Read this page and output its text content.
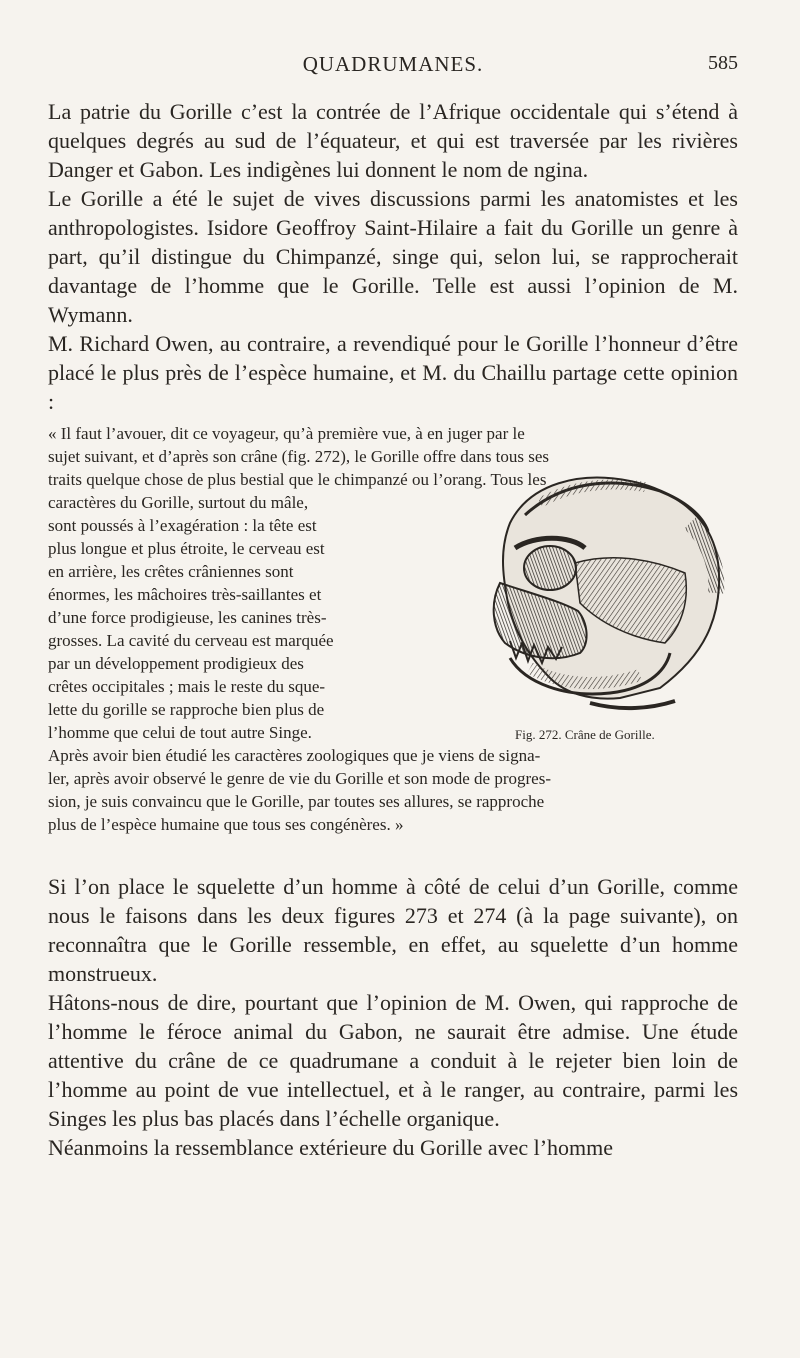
QUADRUMANES.	585

La patrie du Gorille c’est la contrée de l’Afrique occidentale qui s’étend à quelques degrés au sud de l’équateur, et qui est traversée par les rivières Danger et Gabon. Les indigènes lui donnent le nom de ngina.

Le Gorille a été le sujet de vives discussions parmi les anatomistes et les anthropologistes. Isidore Geoffroy Saint-Hilaire a fait du Gorille un genre à part, qu’il distingue du Chimpanzé, singe qui, selon lui, se rapprocherait davantage de l’homme que le Gorille. Telle est aussi l’opinion de M. Wymann.

M. Richard Owen, au contraire, a revendiqué pour le Gorille l’honneur d’être placé le plus près de l’espèce humaine, et M. du Chaillu partage cette opinion :

« Il faut l’avouer, dit ce voyageur, qu’à première vue, à en juger par le
sujet suivant, et d’après son crâne (fig. 272), le Gorille offre dans tous ses
traits quelque chose de plus bestial que le chimpanzé ou l’orang. Tous les
caractères du Gorille, surtout du mâle,
sont poussés à l’exagération : la tête est
plus longue et plus étroite, le cerveau est
en arrière, les crêtes crâniennes sont
énormes, les mâchoires très-saillantes et
d’une force prodigieuse, les canines très-
grosses. La cavité du cerveau est marquée
par un développement prodigieux des
crêtes occipitales ; mais le reste du sque-
lette du gorille se rapproche bien plus de
l’homme que celui de tout autre Singe.
Après avoir bien étudié les caractères zoologiques que je viens de signa-
ler, après avoir observé le genre de vie du Gorille et son mode de progres-
sion, je suis convaincu que le Gorille, par toutes ses allures, se rapproche
plus de l’espèce humaine que tous ses congénères. »
Fig. 272. Crâne de Gorille.

Si l’on place le squelette d’un homme à côté de celui d’un Gorille, comme nous le faisons dans les deux figures 273 et 274 (à la page suivante), on reconnaîtra que le Gorille ressemble, en effet, au squelette d’un homme monstrueux.

Hâtons-nous de dire, pourtant que l’opinion de M. Owen, qui rapproche de l’homme le féroce animal du Gabon, ne saurait être admise. Une étude attentive du crâne de ce quadrumane a conduit à le rejeter bien loin de l’homme au point de vue intellectuel, et à le ranger, au contraire, parmi les Singes les plus bas placés dans l’échelle organique.

Néanmoins la ressemblance extérieure du Gorille avec l’homme
